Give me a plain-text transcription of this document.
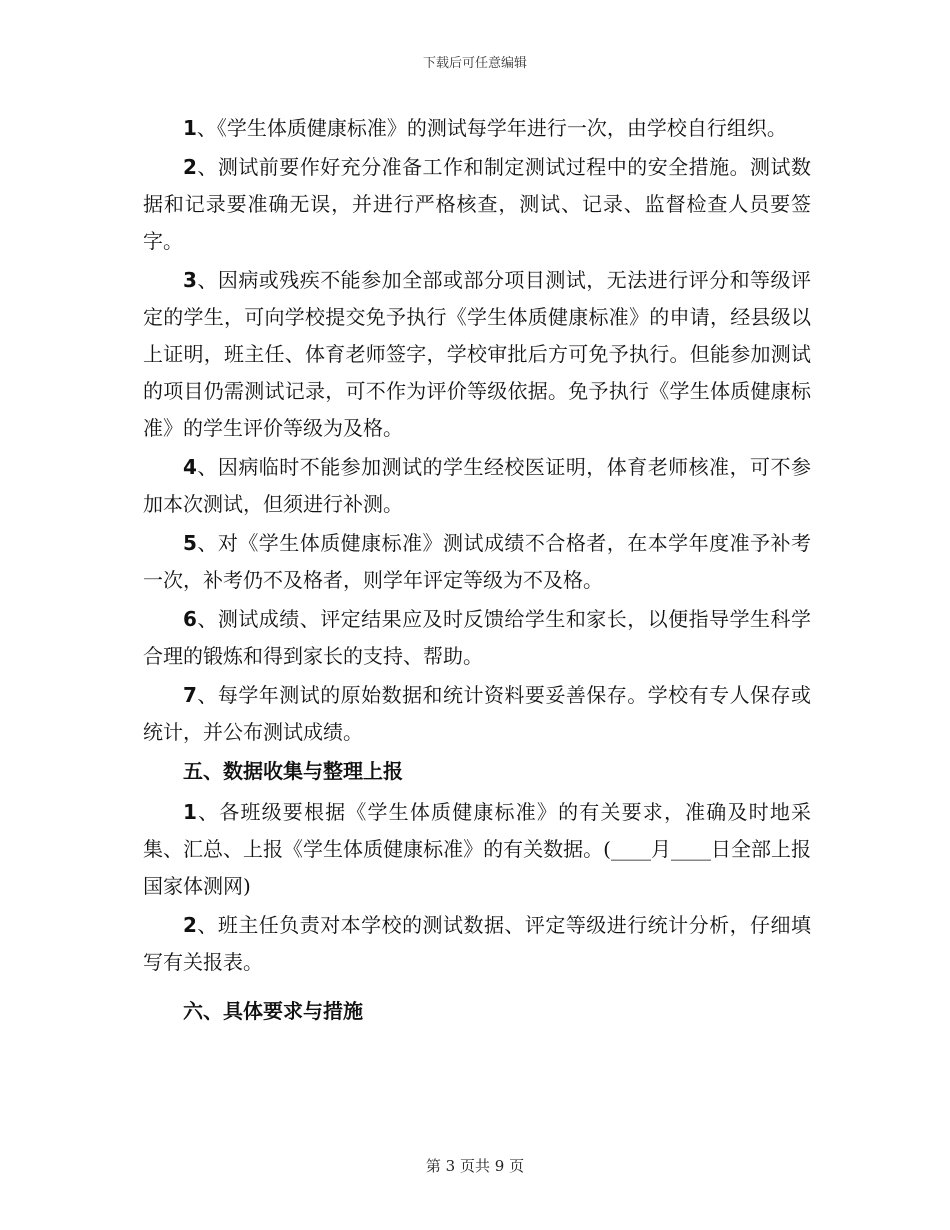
下载后可任意编辑

1、《学生体质健康标准》的测试每学年进行一次，由学校自行组织。

2、测试前要作好充分准备工作和制定测试过程中的安全措施。测试数据和记录要准确无误，并进行严格核查，测试、记录、监督检查人员要签字。

3、因病或残疾不能参加全部或部分项目测试，无法进行评分和等级评定的学生，可向学校提交免予执行《学生体质健康标准》的申请，经县级以上证明，班主任、体育老师签字，学校审批后方可免予执行。但能参加测试的项目仍需测试记录，可不作为评价等级依据。免予执行《学生体质健康标准》的学生评价等级为及格。

4、因病临时不能参加测试的学生经校医证明，体育老师核准，可不参加本次测试，但须进行补测。

5、对《学生体质健康标准》测试成绩不合格者，在本学年度准予补考一次，补考仍不及格者，则学年评定等级为不及格。

6、测试成绩、评定结果应及时反馈给学生和家长，以便指导学生科学合理的锻炼和得到家长的支持、帮助。

7、每学年测试的原始数据和统计资料要妥善保存。学校有专人保存或统计，并公布测试成绩。

五、数据收集与整理上报

1、各班级要根据《学生体质健康标准》的有关要求，准确及时地采集、汇总、上报《学生体质健康标准》的有关数据。(____月____日全部上报国家体测网)

2、班主任负责对本学校的测试数据、评定等级进行统计分析，仔细填写有关报表。

六、具体要求与措施

第 3 页共 9 页
